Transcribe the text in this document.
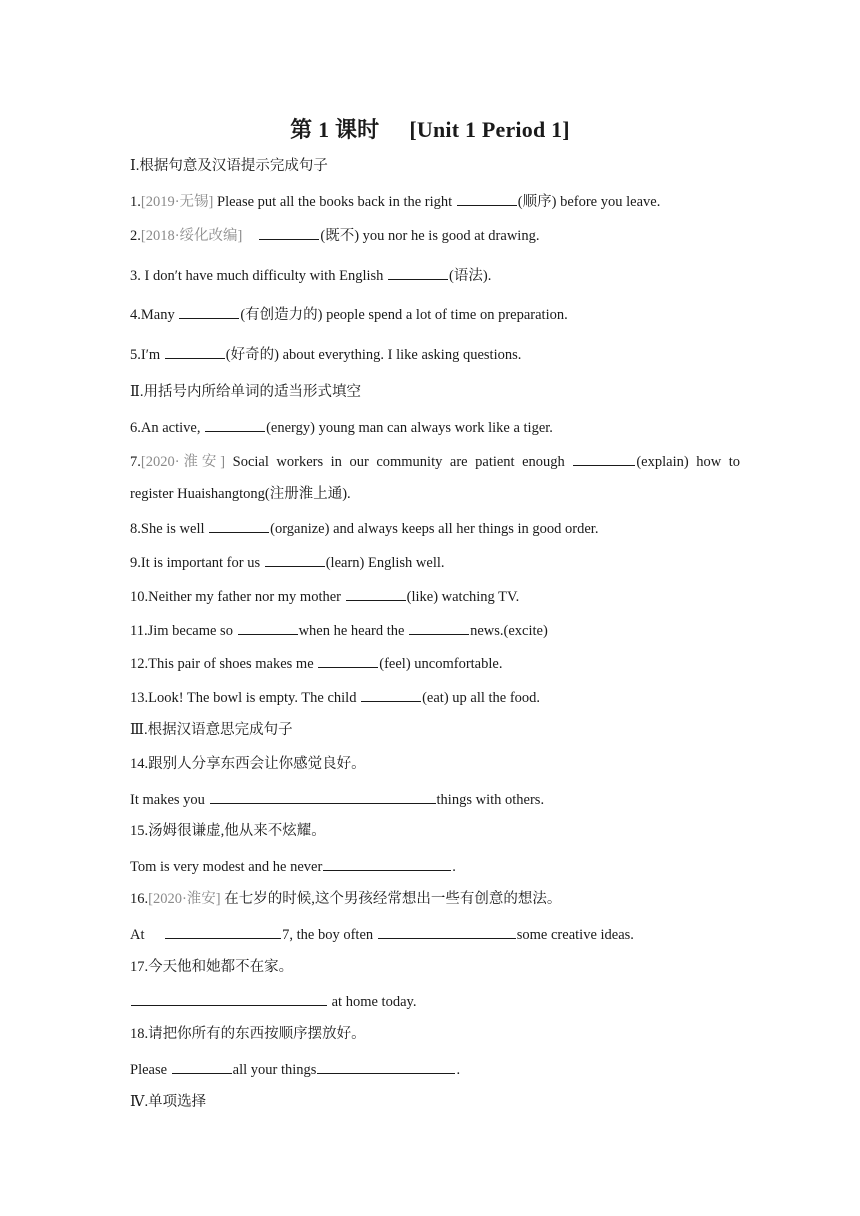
第 1 课时 [Unit 1 Period 1]
Ⅰ.根据句意及汉语提示完成句子
1.[2019·无锡] Please put all the books back in the right	(顺序) before you leave.
2.[2018·绥化改编]	(既不) you nor he is good at drawing.
3. I don′t have much difficulty with English	(语法).
4.Many	(有创造力的) people spend a lot of time on preparation.
5.I′m	(好奇的) about everything. I like asking questions.
Ⅱ.用括号内所给单词的适当形式填空
6.An active,	(energy) young man can always work like a tiger.
7.[2020·淮安] Social workers in our community are patient enough	(explain) how to
register Huaishangtong(注册淮上通).
8.She is well	(organize) and always keeps all her things in good order.
9.It is important for us	(learn) English well.
10.Neither my father nor my mother	(like) watching TV.
11.Jim became so	when he heard the	news.(excite)
12.This pair of shoes makes me	(feel) uncomfortable.
13.Look! The bowl is empty. The child	(eat) up all the food.
Ⅲ.根据汉语意思完成句子
14.跟别人分享东西会让你感觉良好。
It makes you	things with others.
15.汤姆很谦虚,他从来不炫耀。
Tom is very modest and he never	.
16.[2020·淮安] 在七岁的时候,这个男孩经常想出一些有创意的想法。
At	7, the boy often	some creative ideas.
17.今天他和她都不在家。
at home today.
18.请把你所有的东西按顺序摆放好。
Please	all your things	.
Ⅳ.单项选择
